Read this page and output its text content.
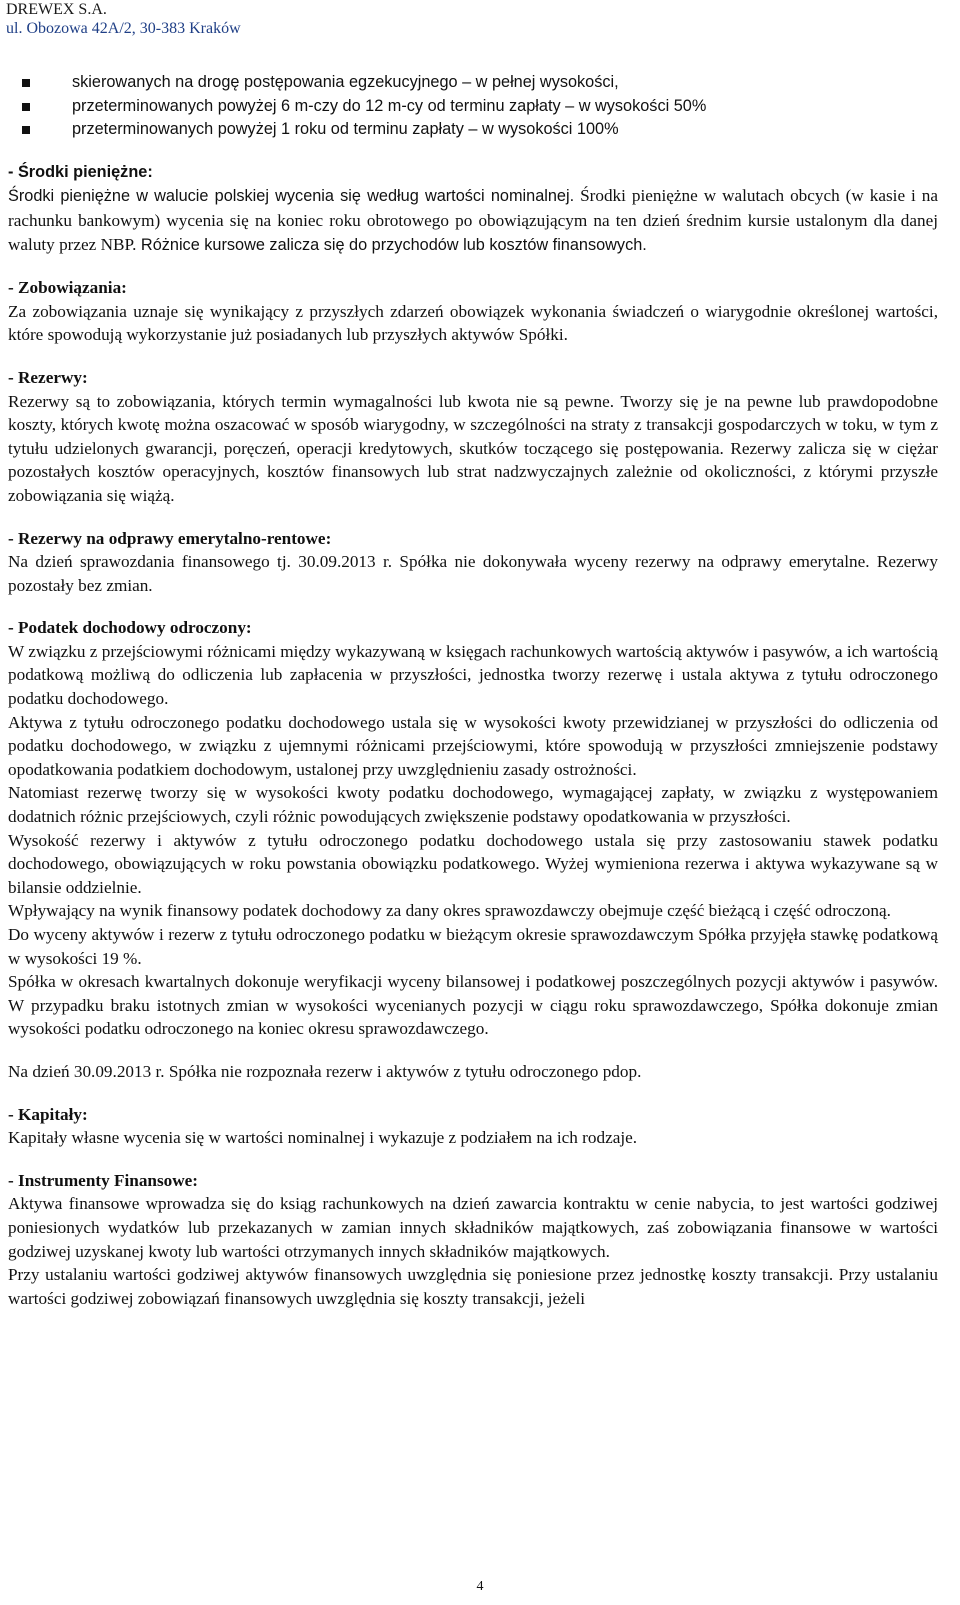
DREWEX S.A.
ul. Obozowa 42A/2, 30-383 Kraków
skierowanych na drogę postępowania egzekucyjnego – w pełnej wysokości,
przeterminowanych powyżej 6 m-czy do 12 m-cy od terminu zapłaty – w wysokości 50%
przeterminowanych powyżej 1 roku od terminu zapłaty – w wysokości 100%

- Środki pieniężne:

Środki pieniężne w walucie polskiej wycenia się według wartości nominalnej. Środki pieniężne w walutach obcych (w kasie i na rachunku bankowym) wycenia się na koniec roku obrotowego po obowiązującym na ten dzień średnim kursie ustalonym dla danej waluty przez NBP. Różnice kursowe zalicza się do przychodów lub kosztów finansowych.

- Zobowiązania:

Za zobowiązania uznaje się wynikający z przyszłych zdarzeń obowiązek wykonania świadczeń o wiarygodnie określonej wartości, które spowodują wykorzystanie już posiadanych lub przyszłych aktywów Spółki.

- Rezerwy:

Rezerwy są to zobowiązania, których termin wymagalności lub kwota nie są pewne. Tworzy się je na pewne lub prawdopodobne koszty, których kwotę można oszacować w sposób wiarygodny, w szczególności na straty z transakcji gospodarczych w toku, w tym z tytułu udzielonych gwarancji, poręczeń, operacji kredytowych, skutków toczącego się postępowania. Rezerwy zalicza się w ciężar pozostałych kosztów operacyjnych, kosztów finansowych lub strat nadzwyczajnych zależnie od okoliczności, z którymi przyszłe zobowiązania się wiążą.

- Rezerwy na odprawy emerytalno-rentowe:

Na dzień sprawozdania finansowego tj. 30.09.2013 r. Spółka nie dokonywała wyceny rezerwy na odprawy emerytalne. Rezerwy pozostały bez zmian.

- Podatek dochodowy odroczony:

W związku z przejściowymi różnicami między wykazywaną w księgach rachunkowych wartością aktywów i pasywów, a ich wartością podatkową możliwą do odliczenia lub zapłacenia w przyszłości, jednostka tworzy rezerwę i ustala aktywa z tytułu odroczonego podatku dochodowego.

Aktywa z tytułu odroczonego podatku dochodowego ustala się w wysokości kwoty przewidzianej w przyszłości do odliczenia od podatku dochodowego, w związku z ujemnymi różnicami przejściowymi, które spowodują w przyszłości zmniejszenie podstawy opodatkowania podatkiem dochodowym, ustalonej przy uwzględnieniu zasady ostrożności.

Natomiast rezerwę tworzy się w wysokości kwoty podatku dochodowego, wymagającej zapłaty, w związku z występowaniem dodatnich różnic przejściowych, czyli różnic powodujących zwiększenie podstawy opodatkowania w przyszłości.

Wysokość rezerwy i aktywów z tytułu odroczonego podatku dochodowego ustala się przy zastosowaniu stawek podatku dochodowego, obowiązujących w roku powstania obowiązku podatkowego. Wyżej wymieniona rezerwa i aktywa wykazywane są w bilansie oddzielnie.

Wpływający na wynik finansowy podatek dochodowy za dany okres sprawozdawczy obejmuje część bieżącą i część odroczoną.

Do wyceny aktywów i rezerw z tytułu odroczonego podatku w bieżącym okresie sprawozdawczym Spółka przyjęła stawkę podatkową w wysokości 19 %.

Spółka w okresach kwartalnych dokonuje weryfikacji wyceny bilansowej i podatkowej poszczególnych pozycji aktywów i pasywów. W przypadku braku istotnych zmian w wysokości wycenianych pozycji w ciągu roku sprawozdawczego, Spółka dokonuje zmian wysokości podatku odroczonego na koniec okresu sprawozdawczego.

Na dzień 30.09.2013 r. Spółka nie rozpoznała rezerw i aktywów z tytułu odroczonego pdop.

- Kapitały:

Kapitały własne wycenia się w wartości nominalnej i wykazuje z podziałem na ich rodzaje.

- Instrumenty Finansowe:

Aktywa finansowe wprowadza się do ksiąg rachunkowych na dzień zawarcia kontraktu w cenie nabycia, to jest wartości godziwej poniesionych wydatków lub przekazanych w zamian innych składników majątkowych, zaś zobowiązania finansowe w wartości godziwej uzyskanej kwoty lub wartości otrzymanych innych składników majątkowych.

Przy ustalaniu wartości godziwej aktywów finansowych uwzględnia się poniesione przez jednostkę koszty transakcji. Przy ustalaniu wartości godziwej zobowiązań finansowych uwzględnia się koszty transakcji, jeżeli

4
